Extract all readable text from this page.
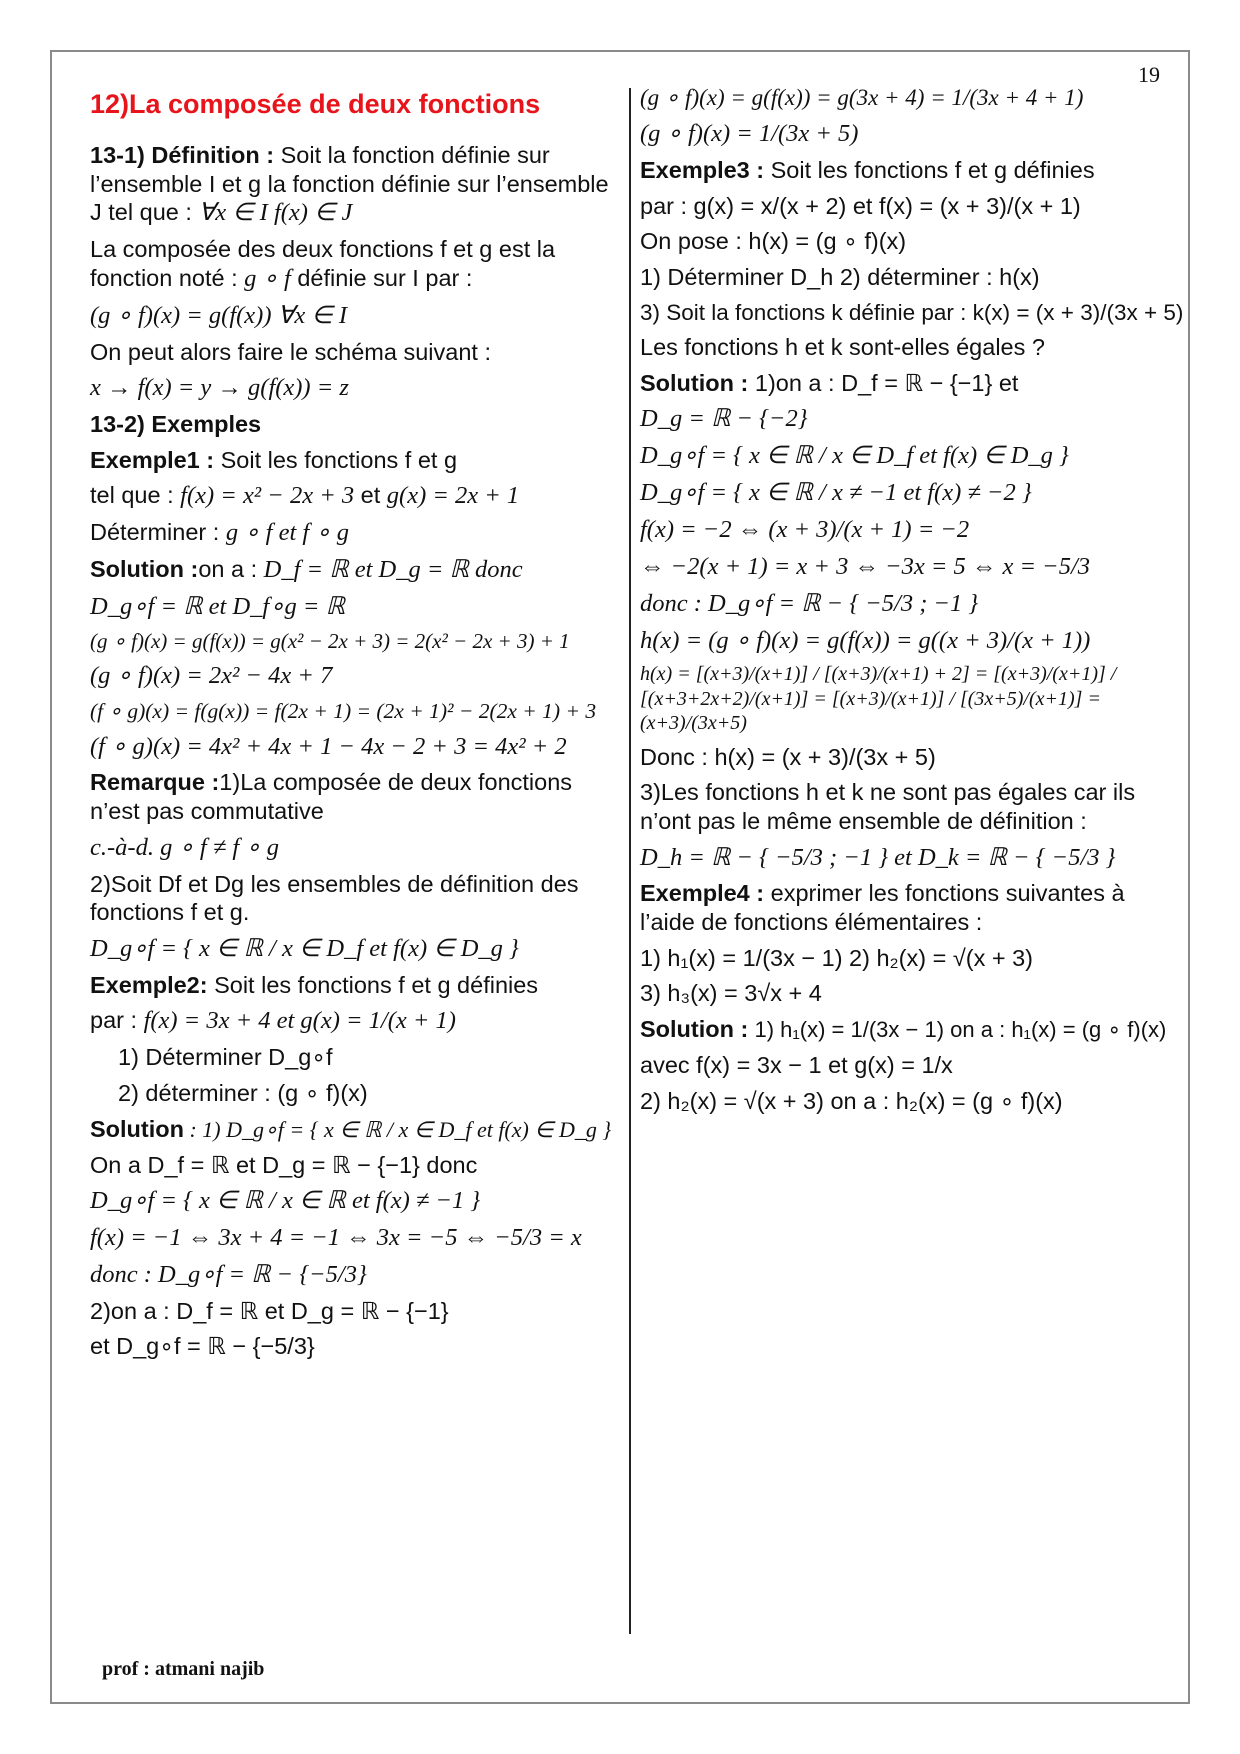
19
12)La composée de deux fonctions
13-1) Définition : Soit la fonction définie sur l’ensemble I et g la fonction définie sur l’ensemble J tel que : ∀x ∈ I f(x) ∈ J
La composée des deux fonctions f et g est la fonction noté : g ∘ f définie sur I par :
(g ∘ f)(x) = g(f(x)) ∀x ∈ I
On peut alors faire le schéma suivant :
x → f(x) = y → g(f(x)) = z
13-2) Exemples
Exemple1 : Soit les fonctions f et g
tel que : f(x) = x² − 2x + 3 et g(x) = 2x + 1
Déterminer : g ∘ f et f ∘ g
Solution :on a : D_f = ℝ et D_g = ℝ donc
D_g∘f = ℝ et D_f∘g = ℝ
(g ∘ f)(x) = g(f(x)) = g(x² − 2x + 3) = 2(x² − 2x + 3) + 1
(g ∘ f)(x) = 2x² − 4x + 7
(f ∘ g)(x) = f(g(x)) = f(2x + 1) = (2x + 1)² − 2(2x + 1) + 3
(f ∘ g)(x) = 4x² + 4x + 1 − 4x − 2 + 3 = 4x² + 2
Remarque :1)La composée de deux fonctions n’est pas commutative
c.-à-d. g ∘ f ≠ f ∘ g
2)Soit Df et Dg les ensembles de définition des fonctions f et g.
D_g∘f = { x ∈ ℝ / x ∈ D_f et f(x) ∈ D_g }
Exemple2: Soit les fonctions f et g définies
par : f(x) = 3x + 4 et g(x) = 1/(x + 1)
1) Déterminer D_g∘f
2) déterminer : (g ∘ f)(x)
Solution : 1) D_g∘f = { x ∈ ℝ / x ∈ D_f et f(x) ∈ D_g }
On a D_f = ℝ et D_g = ℝ − {−1} donc
D_g∘f = { x ∈ ℝ / x ∈ ℝ et f(x) ≠ −1 }
f(x) = −1 ⇔ 3x + 4 = −1 ⇔ 3x = −5 ⇔ −5/3 = x
donc : D_g∘f = ℝ − {−5/3}
2)on a : D_f = ℝ et D_g = ℝ − {−1}
et D_g∘f = ℝ − {−5/3}
(g ∘ f)(x) = g(f(x)) = g(3x + 4) = 1/(3x + 4 + 1)
(g ∘ f)(x) = 1/(3x + 5)
Exemple3 : Soit les fonctions f et g définies
par : g(x) = x/(x + 2) et f(x) = (x + 3)/(x + 1)
On pose : h(x) = (g ∘ f)(x)
1) Déterminer D_h 2) déterminer : h(x)
3) Soit la fonctions k définie par : k(x) = (x + 3)/(3x + 5)
Les fonctions h et k sont-elles égales ?
Solution : 1)on a : D_f = ℝ − {−1} et
D_g = ℝ − {−2}
D_g∘f = { x ∈ ℝ / x ∈ D_f et f(x) ∈ D_g }
D_g∘f = { x ∈ ℝ / x ≠ −1 et f(x) ≠ −2 }
f(x) = −2 ⇔ (x + 3)/(x + 1) = −2
⇔ −2(x + 1) = x + 3 ⇔ −3x = 5 ⇔ x = −5/3
donc : D_g∘f = ℝ − { −5/3 ; −1 }
h(x) = (g ∘ f)(x) = g(f(x)) = g((x + 3)/(x + 1))
h(x) = [(x+3)/(x+1)] / [(x+3)/(x+1) + 2] = [(x+3)/(x+1)] / [(x+3+2x+2)/(x+1)] = [(x+3)/(x+1)] / [(3x+5)/(x+1)] = (x+3)/(3x+5)
Donc : h(x) = (x + 3)/(3x + 5)
3)Les fonctions h et k ne sont pas égales car ils n’ont pas le même ensemble de définition :
D_h = ℝ − { −5/3 ; −1 } et D_k = ℝ − { −5/3 }
Exemple4 : exprimer les fonctions suivantes à l’aide de fonctions élémentaires :
1) h₁(x) = 1/(3x − 1) 2) h₂(x) = √(x + 3)
3) h₃(x) = 3√x + 4
Solution : 1) h₁(x) = 1/(3x − 1) on a : h₁(x) = (g ∘ f)(x)
avec f(x) = 3x − 1 et g(x) = 1/x
2) h₂(x) = √(x + 3) on a : h₂(x) = (g ∘ f)(x)
prof : atmani najib
